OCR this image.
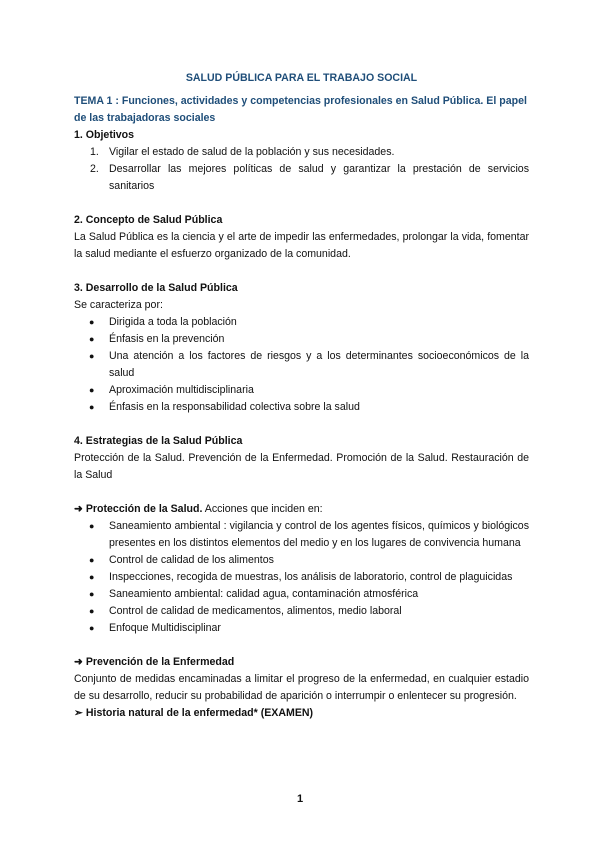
SALUD PÚBLICA PARA EL TRABAJO SOCIAL
TEMA 1 : Funciones, actividades y competencias profesionales en Salud Pública. El papel de las trabajadoras sociales
1. Objetivos
1. Vigilar el estado de salud de la población y sus necesidades.
2. Desarrollar las mejores políticas de salud y garantizar la prestación de servicios sanitarios
2. Concepto de Salud Pública
La Salud Pública es la ciencia y el arte de impedir las enfermedades, prolongar la vida, fomentar la salud mediante el esfuerzo organizado de la comunidad.
3. Desarrollo de la Salud Pública
Se caracteriza por:
● Dirigida a toda la población
● Énfasis en la prevención
● Una atención a los factores de riesgos y a los determinantes socioeconómicos de la salud
● Aproximación multidisciplinaria
● Énfasis en la responsabilidad colectiva sobre la salud
4. Estrategias de la Salud Pública
Protección de la Salud. Prevención de la Enfermedad. Promoción de la Salud. Restauración de la Salud
➜ Protección de la Salud. Acciones que inciden en:
● Saneamiento ambiental : vigilancia y control de los agentes físicos, químicos y biológicos presentes en los distintos elementos del medio y en los lugares de convivencia humana
● Control de calidad de los alimentos
● Inspecciones, recogida de muestras, los análisis de laboratorio, control de plaguicidas
● Saneamiento ambiental: calidad agua, contaminación atmosférica
● Control de calidad de medicamentos, alimentos, medio laboral
● Enfoque Multidisciplinar
➜ Prevención de la Enfermedad
Conjunto de medidas encaminadas a limitar el progreso de la enfermedad, en cualquier estadio de su desarrollo, reducir su probabilidad de aparición o interrumpir o enlentecer su progresión.
➣ Historia natural de la enfermedad* (EXAMEN)
1
